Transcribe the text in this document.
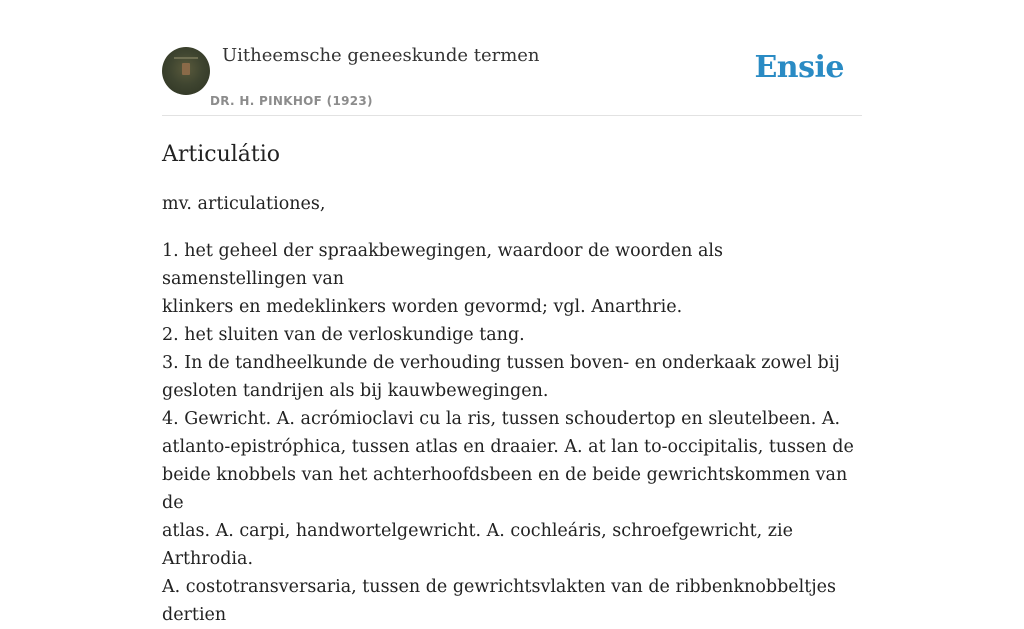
Uitheemsche geneeskunde termen
DR. H. PINKHOF (1923)
Ensie
Articulátio

mv. articulationes,

1. het geheel der spraakbewegingen, waardoor de woorden als samenstellingen van
klinkers en medeklinkers worden gevormd; vgl. Anarthrie.
2. het sluiten van de verloskundige tang.
3. In de tandheelkunde de verhouding tussen boven- en onderkaak zowel bij
gesloten tandrijen als bij kauwbewegingen.
4. Gewricht. A. acrómioclavi cu la ris, tussen schoudertop en sleutelbeen. A.
atlanto-epistróphica, tussen atlas en draaier. A. at lan to-occipitalis, tussen de
beide knobbels van het achterhoofdsbeen en de beide gewrichtskommen van de
atlas. A. carpi, handwortelgewricht. A. cochleáris, schroefgewricht, zie Arthrodia.
A. costotransversaria, tussen de gewrichtsvlakten van de ribbenknobbeltjes dertien
